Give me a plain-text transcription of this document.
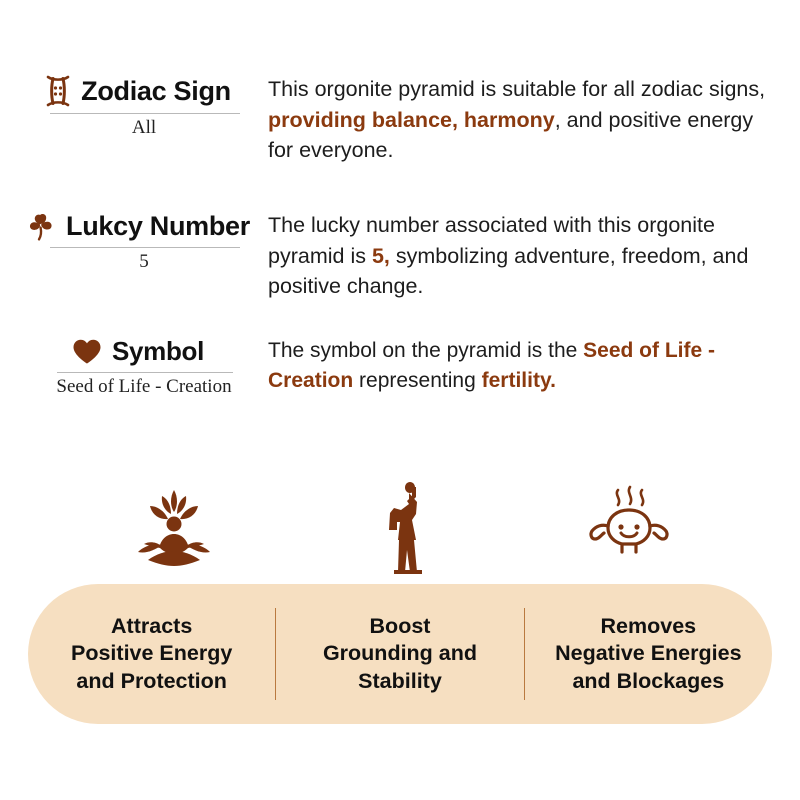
Zodiac Sign
All
This orgonite pyramid is suitable for all zodiac signs, providing balance, harmony, and positive energy for everyone.
Lukcy Number
5
The lucky number associated with this orgonite pyramid is 5, symbolizing adventure, freedom, and positive change.
Symbol
Seed of Life - Creation
The symbol on the pyramid is the Seed of Life - Creation representing fertility.
Attracts
Positive Energy
and Protection
Boost
Grounding and Stability
Removes
Negative Energies
and Blockages
